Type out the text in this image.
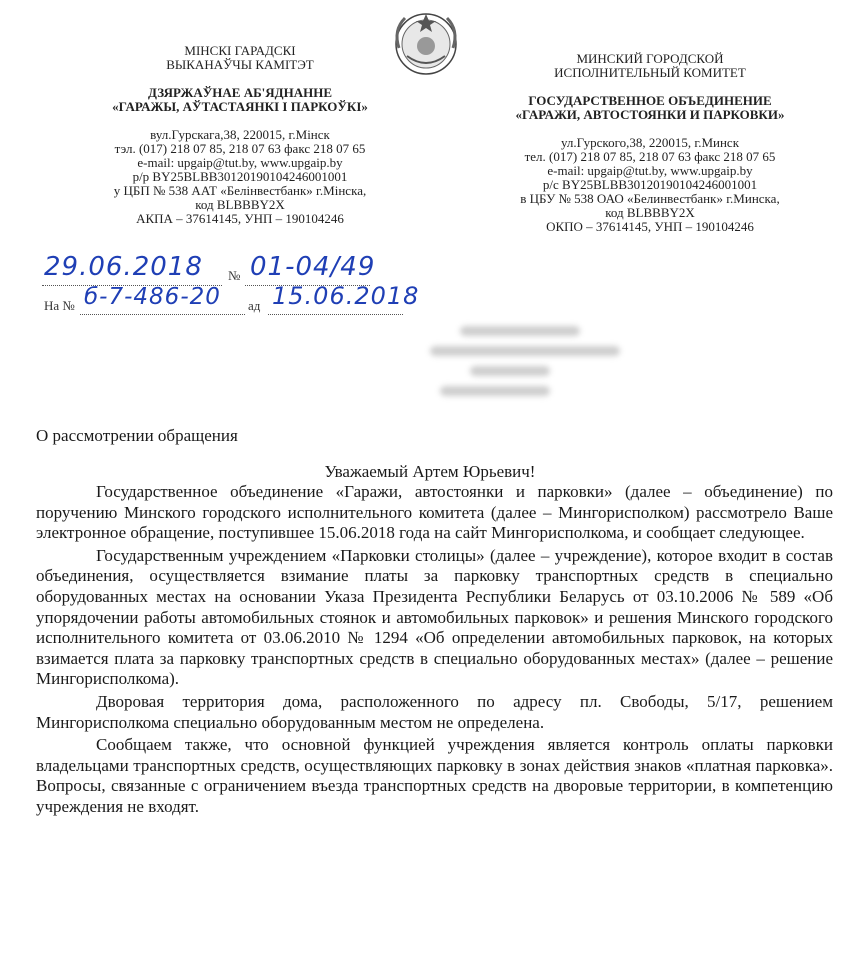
МІНСКІ ГАРАДСКІ
ВЫКАНАЎЧЫ КАМІТЭТ
ДЗЯРЖАЎНАЕ АБ'ЯДНАННЕ
«ГАРАЖЫ, АЎТАСТАЯНКІ І ПАРКОЎКІ»
вул.Гурскага,38, 220015, г.Мінск
тэл. (017) 218 07 85, 218 07 63 факс 218 07 65
e-mail: upgaip@tut.by, www.upgaip.by
р/р BY25BLBB30120190104246001001
у ЦБП № 538 ААТ «Белінвестбанк» г.Мінска,
код BLBBBY2X
АКПА – 37614145, УНП – 190104246
МИНСКИЙ ГОРОДСКОЙ
ИСПОЛНИТЕЛЬНЫЙ КОМИТЕТ
ГОСУДАРСТВЕННОЕ ОБЪЕДИНЕНИЕ
«ГАРАЖИ, АВТОСТОЯНКИ И ПАРКОВКИ»
ул.Гурского,38, 220015, г.Минск
тел. (017) 218 07 85, 218 07 63 факс 218 07 65
e-mail: upgaip@tut.by, www.upgaip.by
р/с BY25BLBB30120190104246001001
в ЦБУ № 538 ОАО «Белинвестбанк» г.Минска,
код BLBBBY2X
ОКПО – 37614145, УНП – 190104246
29.06.2018 № 01-04/49
На № б-7-486-20 ад 15.06.2018
О рассмотрении обращения
Уважаемый Артем Юрьевич!

Государственное объединение «Гаражи, автостоянки и парковки» (далее – объединение) по поручению Минского городского исполнительного комитета (далее – Мингорисполком) рассмотрело Ваше электронное обращение, поступившее 15.06.2018 года на сайт Мингорисполкома, и сообщает следующее.

Государственным учреждением «Парковки столицы» (далее – учреждение), которое входит в состав объединения, осуществляется взимание платы за парковку транспортных средств в специально оборудованных местах на основании Указа Президента Республики Беларусь от 03.10.2006 № 589 «Об упорядочении работы автомобильных стоянок и автомобильных парковок» и решения Минского городского исполнительного комитета от 03.06.2010 № 1294 «Об определении автомобильных парковок, на которых взимается плата за парковку транспортных средств в специально оборудованных местах» (далее – решение Мингорисполкома).

Дворовая территория дома, расположенного по адресу пл. Свободы, 5/17, решением Мингорисполкома специально оборудованным местом не определена.

Сообщаем также, что основной функцией учреждения является контроль оплаты парковки владельцами транспортных средств, осуществляющих парковку в зонах действия знаков «платная парковка». Вопросы, связанные с ограничением въезда транспортных средств на дворовые территории, в компетенцию учреждения не входят.
